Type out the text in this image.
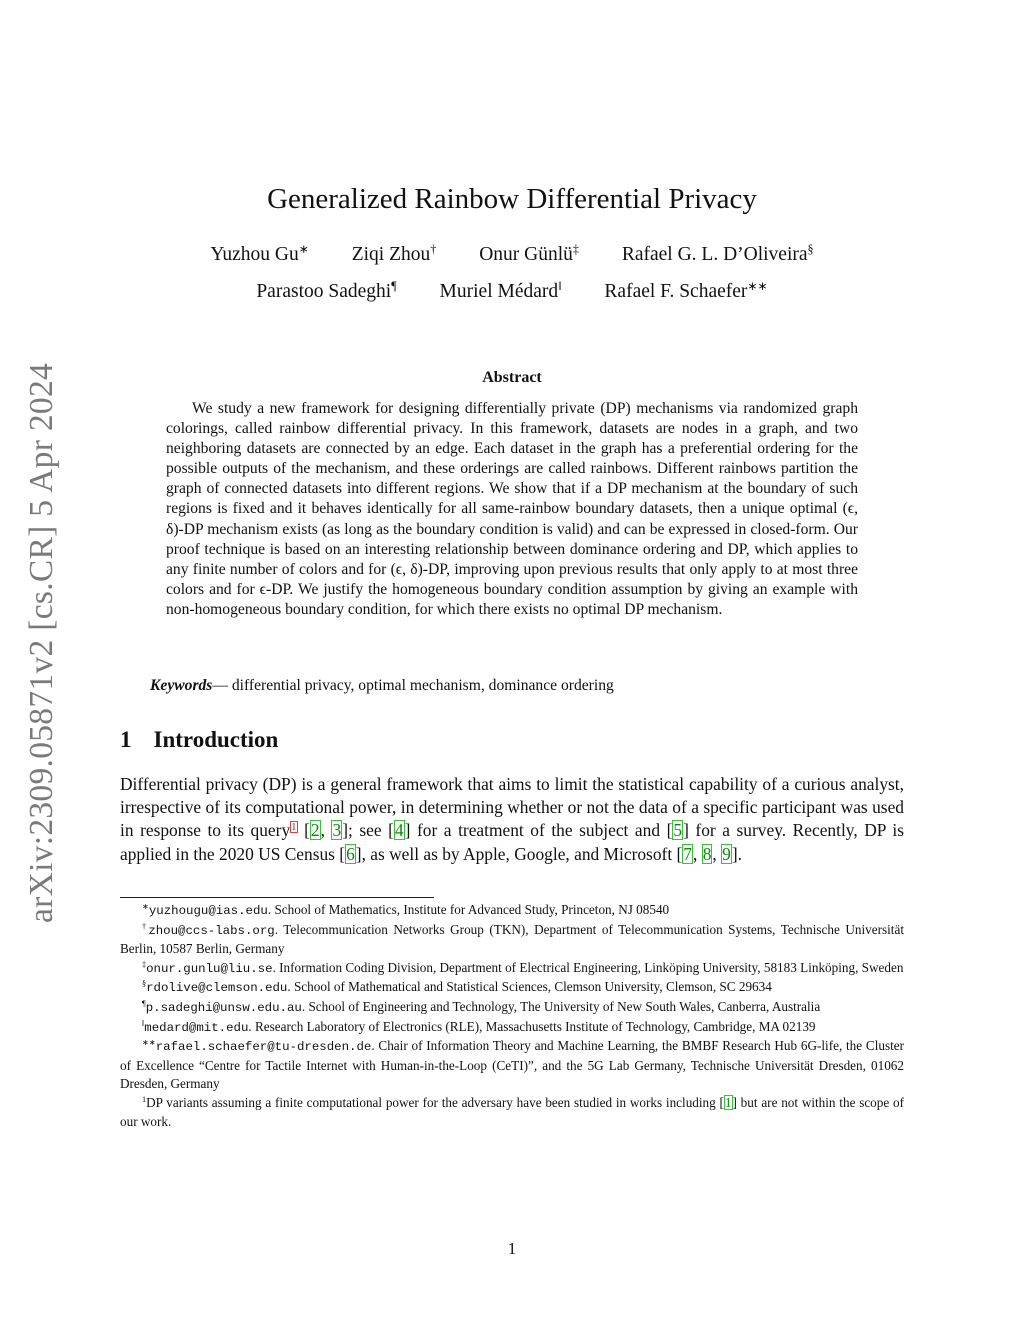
arXiv:2309.05871v2 [cs.CR] 5 Apr 2024
Generalized Rainbow Differential Privacy
Yuzhou Gu∗ Ziqi Zhou† Onur Günlü‡ Rafael G. L. D’Oliveira§
Parastoo Sadeghi¶ Muriel Médard‖ Rafael F. Schaefer∗∗
Abstract

We study a new framework for designing differentially private (DP) mechanisms via randomized graph colorings, called rainbow differential privacy. In this framework, datasets are nodes in a graph, and two neighboring datasets are connected by an edge. Each dataset in the graph has a preferential ordering for the possible outputs of the mechanism, and these orderings are called rainbows. Different rainbows partition the graph of connected datasets into different regions. We show that if a DP mechanism at the boundary of such regions is fixed and it behaves identically for all same-rainbow boundary datasets, then a unique optimal (ϵ, δ)-DP mechanism exists (as long as the boundary condition is valid) and can be expressed in closed-form. Our proof technique is based on an interesting relationship between dominance ordering and DP, which applies to any finite number of colors and for (ϵ, δ)-DP, improving upon previous results that only apply to at most three colors and for ϵ-DP. We justify the homogeneous boundary condition assumption by giving an example with non-homogeneous boundary condition, for which there exists no optimal DP mechanism.

Keywords— differential privacy, optimal mechanism, dominance ordering
1 Introduction

Differential privacy (DP) is a general framework that aims to limit the statistical capability of a curious analyst, irrespective of its computational power, in determining whether or not the data of a specific participant was used in response to its query$^1$ [2, 3]; see [4] for a treatment of the subject and [5] for a survey. Recently, DP is applied in the 2020 US Census [6], as well as by Apple, Google, and Microsoft [7, 8, 9].

∗yuzhougu@ias.edu. School of Mathematics, Institute for Advanced Study, Princeton, NJ 08540

†zhou@ccs-labs.org. Telecommunication Networks Group (TKN), Department of Telecommunication Systems, Technische Universität Berlin, 10587 Berlin, Germany

‡onur.gunlu@liu.se. Information Coding Division, Department of Electrical Engineering, Linköping University, 58183 Linköping, Sweden

§rdolive@clemson.edu. School of Mathematical and Statistical Sciences, Clemson University, Clemson, SC 29634

¶p.sadeghi@unsw.edu.au. School of Engineering and Technology, The University of New South Wales, Canberra, Australia

‖medard@mit.edu. Research Laboratory of Electronics (RLE), Massachusetts Institute of Technology, Cambridge, MA 02139

∗∗rafael.schaefer@tu-dresden.de. Chair of Information Theory and Machine Learning, the BMBF Research Hub 6G-life, the Cluster of Excellence “Centre for Tactile Internet with Human-in-the-Loop (CeTI)”, and the 5G Lab Germany, Technische Universität Dresden, 01062 Dresden, Germany

$^1$DP variants assuming a finite computational power for the adversary have been studied in works including [1] but are not within the scope of our work.

1
